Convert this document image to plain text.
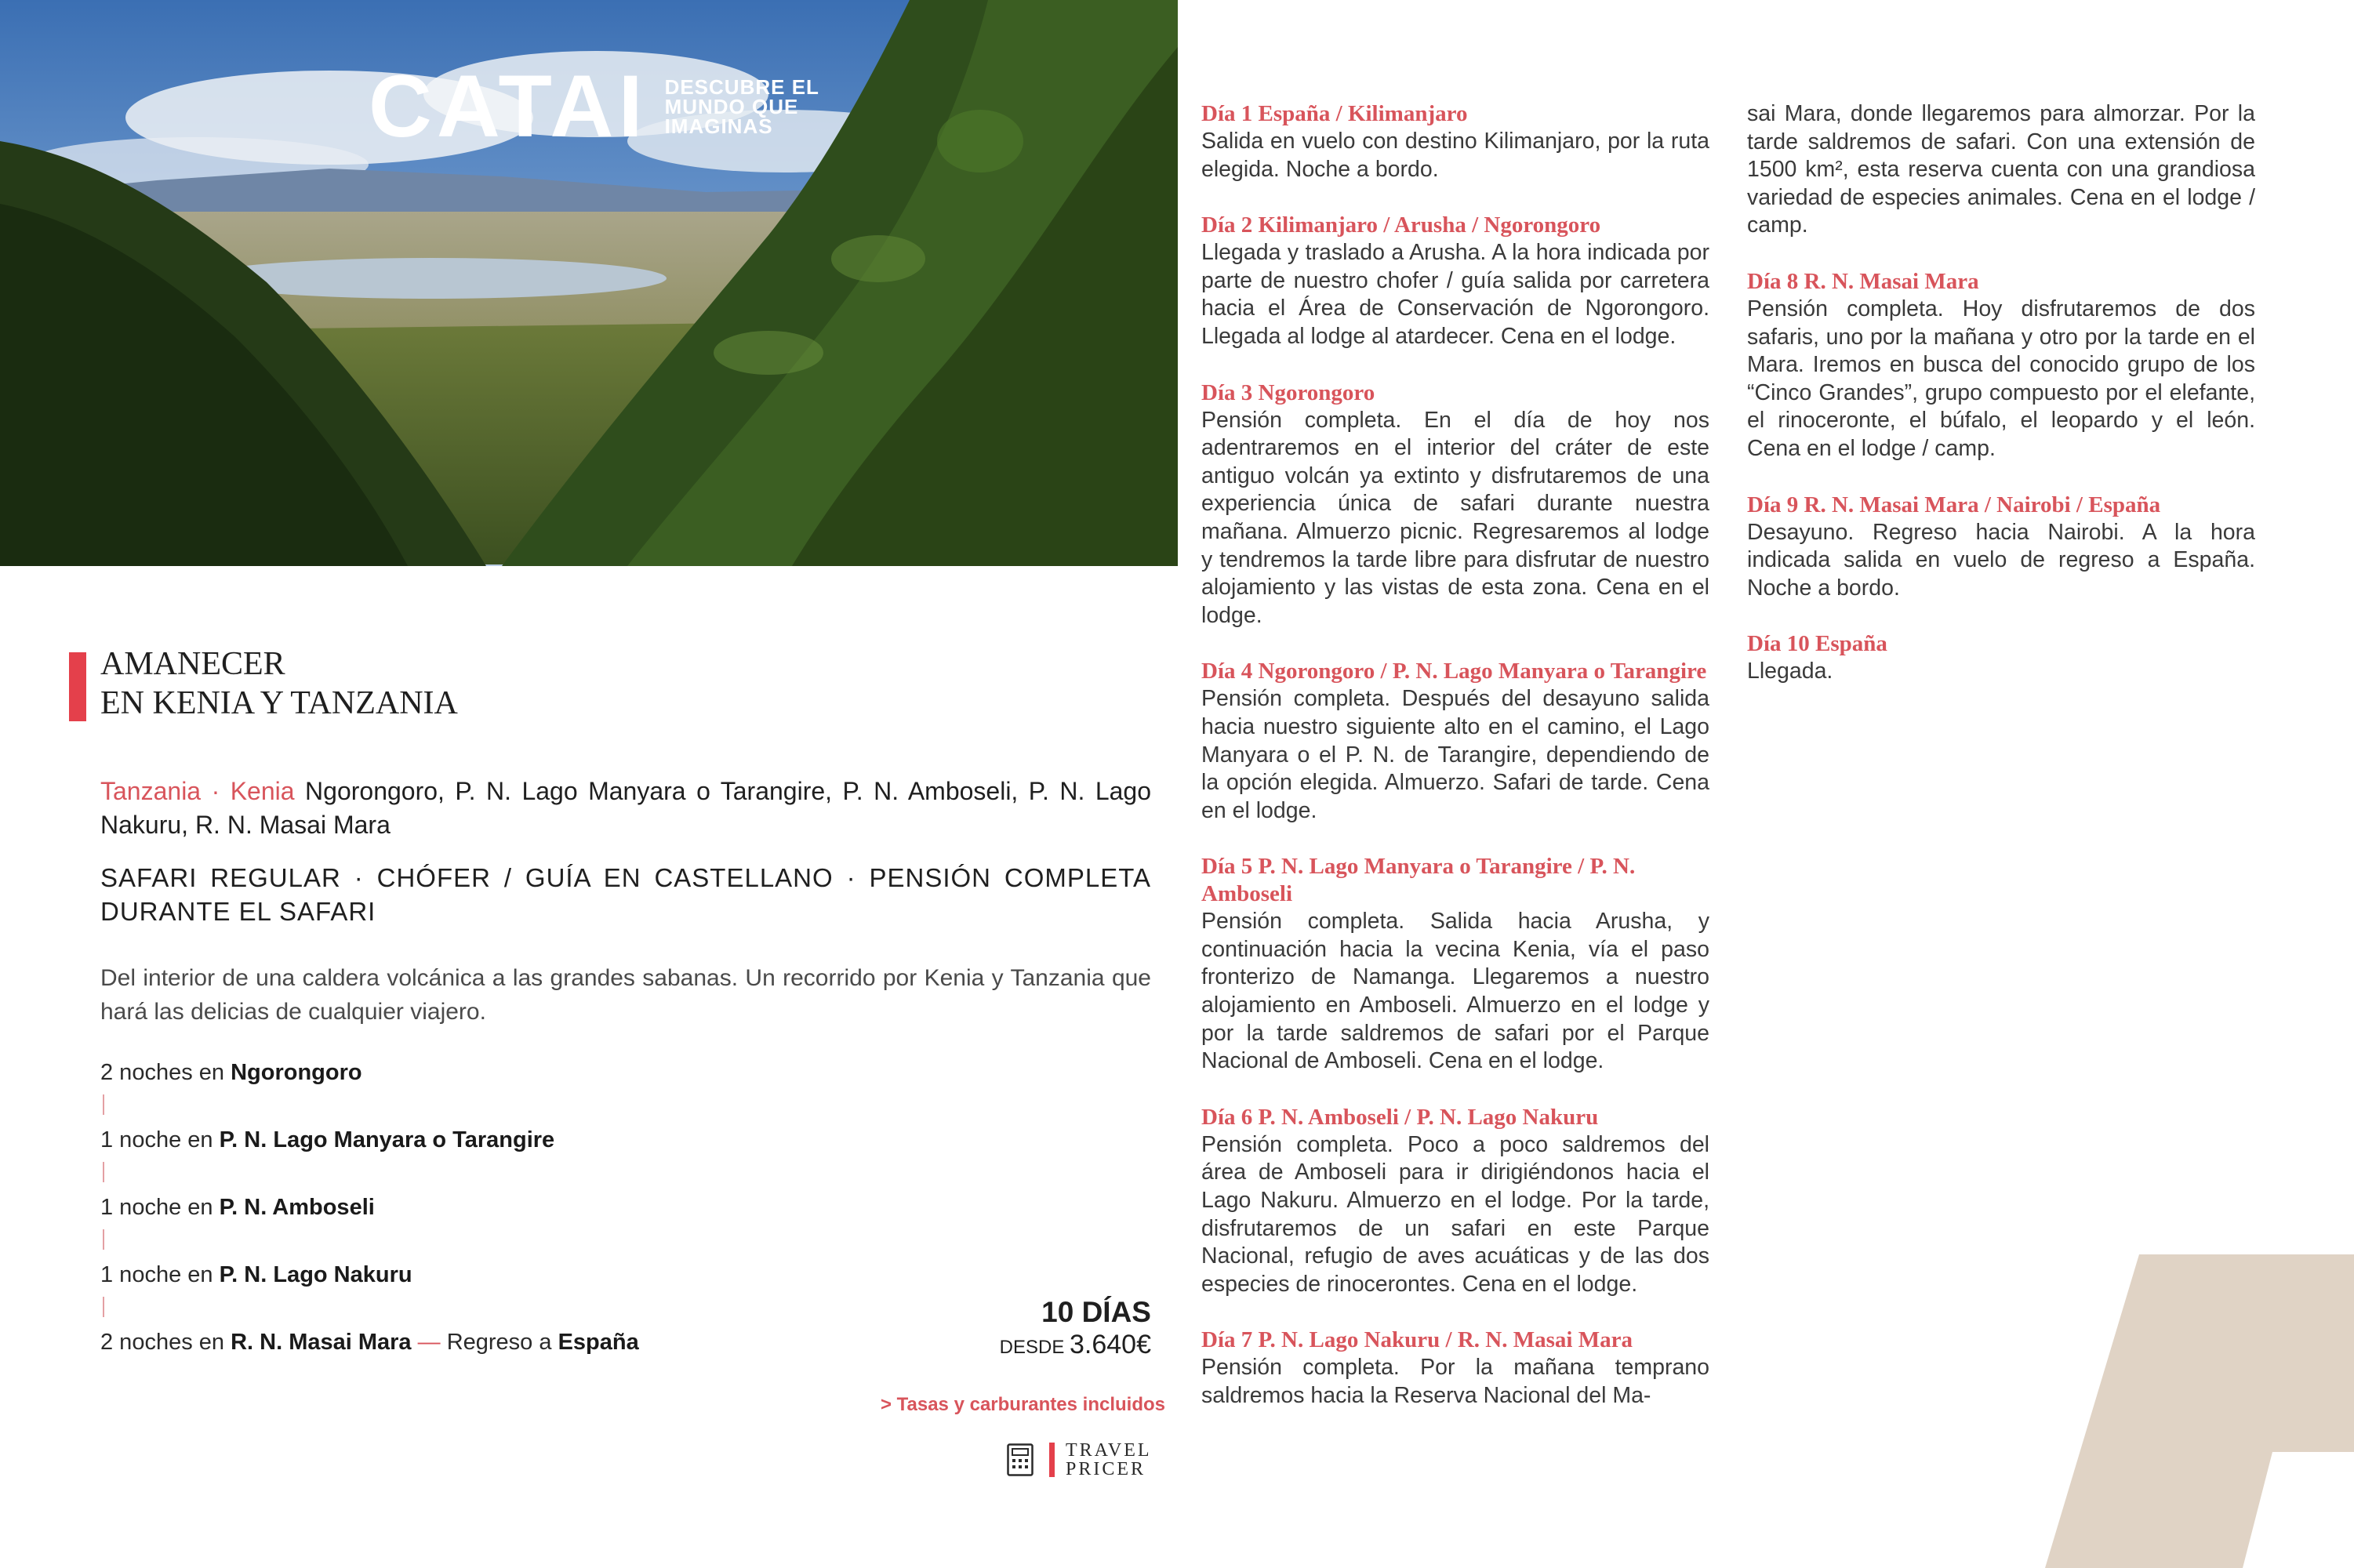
CATAI DESCUBRE EL MUNDO QUE IMAGINAS
AMANECER
EN KENIA Y TANZANIA
Tanzania · Kenia Ngorongoro, P. N. Lago Manyara o Tarangire, P. N. Amboseli, P. N. Lago Nakuru, R. N. Masai Mara
SAFARI REGULAR · CHÓFER / GUÍA EN CASTELLANO · PENSIÓN COMPLETA DURANTE EL SAFARI
Del interior de una caldera volcánica a las grandes sabanas. Un recorrido por Kenia y Tanzania que hará las delicias de cualquier viajero.
2 noches en Ngorongoro
1 noche en P. N. Lago Manyara o Tarangire
1 noche en P. N. Amboseli
1 noche en P. N. Lago Nakuru
2 noches en R. N. Masai Mara — Regreso a España
10 DÍAS
DESDE 3.640€
> Tasas y carburantes incluidos
TRAVEL
PRICER
Día 1 España / Kilimanjaro
Salida en vuelo con destino Kilimanjaro, por la ruta elegida. Noche a bordo.
Día 2 Kilimanjaro / Arusha / Ngorongoro
Llegada y traslado a Arusha. A la hora indicada por parte de nuestro chofer / guía salida por carretera hacia el Área de Conservación de Ngorongoro. Llegada al lodge al atardecer. Cena en el lodge.
Día 3 Ngorongoro
Pensión completa. En el día de hoy nos adentraremos en el interior del cráter de este antiguo volcán ya extinto y disfrutaremos de una experiencia única de safari durante nuestra mañana. Almuerzo picnic. Regresaremos al lodge y tendremos la tarde libre para disfrutar de nuestro alojamiento y las vistas de esta zona. Cena en el lodge.
Día 4 Ngorongoro / P. N. Lago Manyara o Tarangire
Pensión completa. Después del desayuno salida hacia nuestro siguiente alto en el camino, el Lago Manyara o el P. N. de Tarangire, dependiendo de la opción elegida. Almuerzo. Safari de tarde. Cena en el lodge.
Día 5 P. N. Lago Manyara o Tarangire / P. N. Amboseli
Pensión completa. Salida hacia Arusha, y continuación hacia la vecina Kenia, vía el paso fronterizo de Namanga. Llegaremos a nuestro alojamiento en Amboseli. Almuerzo en el lodge y por la tarde saldremos de safari por el Parque Nacional de Amboseli. Cena en el lodge.
Día 6 P. N. Amboseli / P. N. Lago Nakuru
Pensión completa. Poco a poco saldremos del área de Amboseli para ir dirigiéndonos hacia el Lago Nakuru. Almuerzo en el lodge. Por la tarde, disfrutaremos de un safari en este Parque Nacional, refugio de aves acuáticas y de las dos especies de rinocerontes. Cena en el lodge.
Día 7 P. N. Lago Nakuru / R. N. Masai Mara
Pensión completa. Por la mañana temprano saldremos hacia la Reserva Nacional del Ma-
sai Mara, donde llegaremos para almorzar. Por la tarde saldremos de safari. Con una extensión de 1500 km², esta reserva cuenta con una grandiosa variedad de especies animales. Cena en el lodge / camp.
Día 8 R. N. Masai Mara
Pensión completa. Hoy disfrutaremos de dos safaris, uno por la mañana y otro por la tarde en el Mara. Iremos en busca del conocido grupo de los “Cinco Grandes”, grupo compuesto por el elefante, el rinoceronte, el búfalo, el leopardo y el león. Cena en el lodge / camp.
Día 9 R. N. Masai Mara / Nairobi / España
Desayuno. Regreso hacia Nairobi. A la hora indicada salida en vuelo de regreso a España. Noche a bordo.
Día 10 España
Llegada.
